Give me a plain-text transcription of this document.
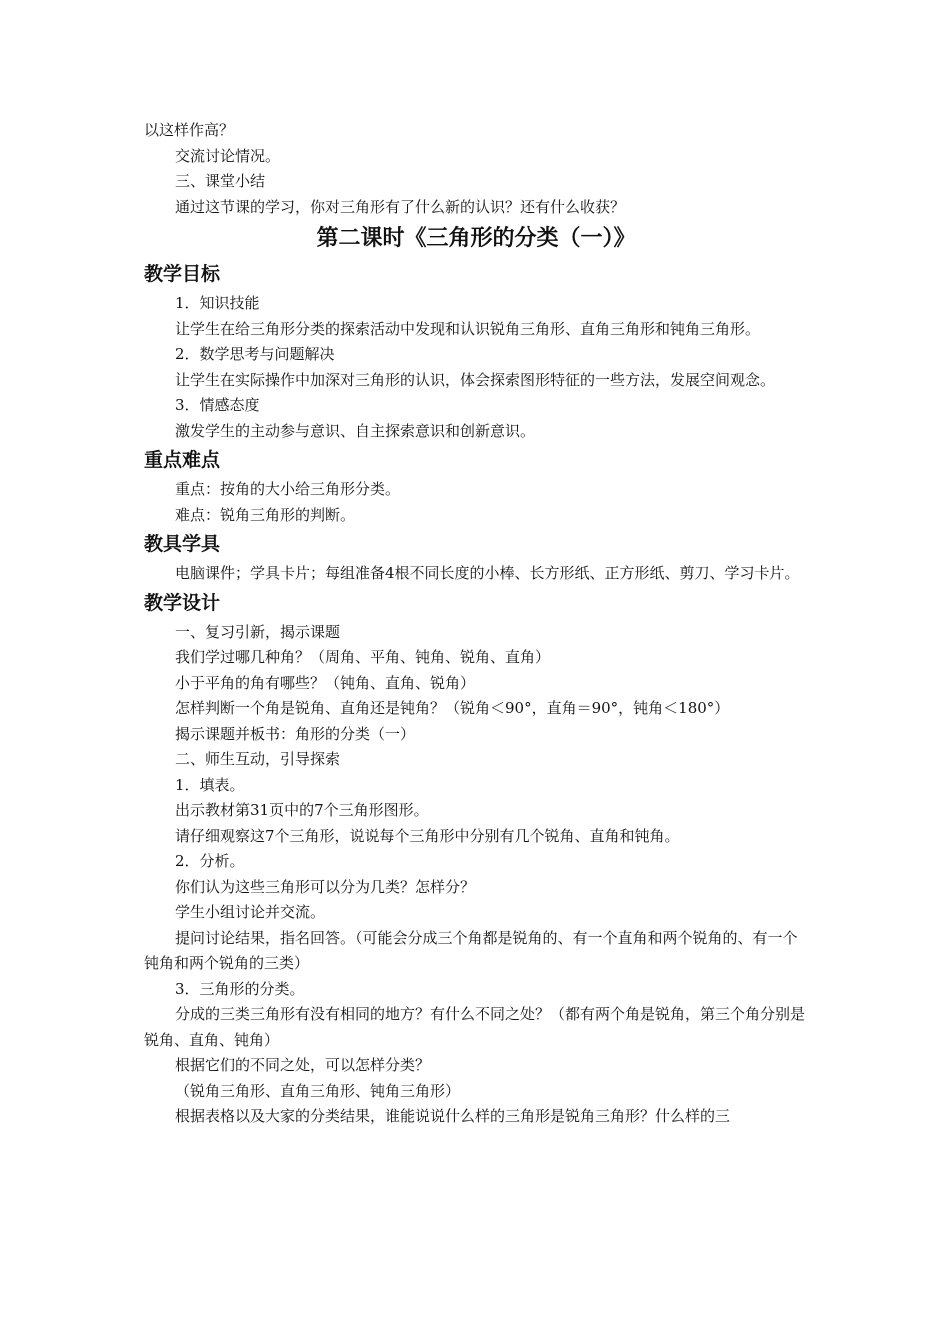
以这样作高？

交流讨论情况。

三、课堂小结

通过这节课的学习，你对三角形有了什么新的认识？还有什么收获？

第二课时《三角形的分类（一）》
教学目标

1．知识技能

让学生在给三角形分类的探索活动中发现和认识锐角三角形、直角三角形和钝角三角形。

2．数学思考与问题解决

让学生在实际操作中加深对三角形的认识，体会探索图形特征的一些方法，发展空间观念。

3．情感态度

激发学生的主动参与意识、自主探索意识和创新意识。

重点难点

重点：按角的大小给三角形分类。

难点：锐角三角形的判断。

教具学具

电脑课件；学具卡片；每组准备4根不同长度的小棒、长方形纸、正方形纸、剪刀、学习卡片。

教学设计

一、复习引新，揭示课题

我们学过哪几种角？（周角、平角、钝角、锐角、直角）

小于平角的角有哪些？（钝角、直角、锐角）

怎样判断一个角是锐角、直角还是钝角？（锐角＜90°，直角＝90°，钝角＜180°）

揭示课题并板书：角形的分类（一）

二、师生互动，引导探索

1．填表。

出示教材第31页中的7个三角形图形。

请仔细观察这7个三角形，说说每个三角形中分别有几个锐角、直角和钝角。

2．分析。

你们认为这些三角形可以分为几类？怎样分？

学生小组讨论并交流。

提问讨论结果，指名回答。（可能会分成三个角都是锐角的、有一个直角和两个锐角的、有一个钝角和两个锐角的三类）

3．三角形的分类。

分成的三类三角形有没有相同的地方？有什么不同之处？（都有两个角是锐角，第三个角分别是锐角、直角、钝角）

根据它们的不同之处，可以怎样分类？

（锐角三角形、直角三角形、钝角三角形）

根据表格以及大家的分类结果，谁能说说什么样的三角形是锐角三角形？什么样的三
